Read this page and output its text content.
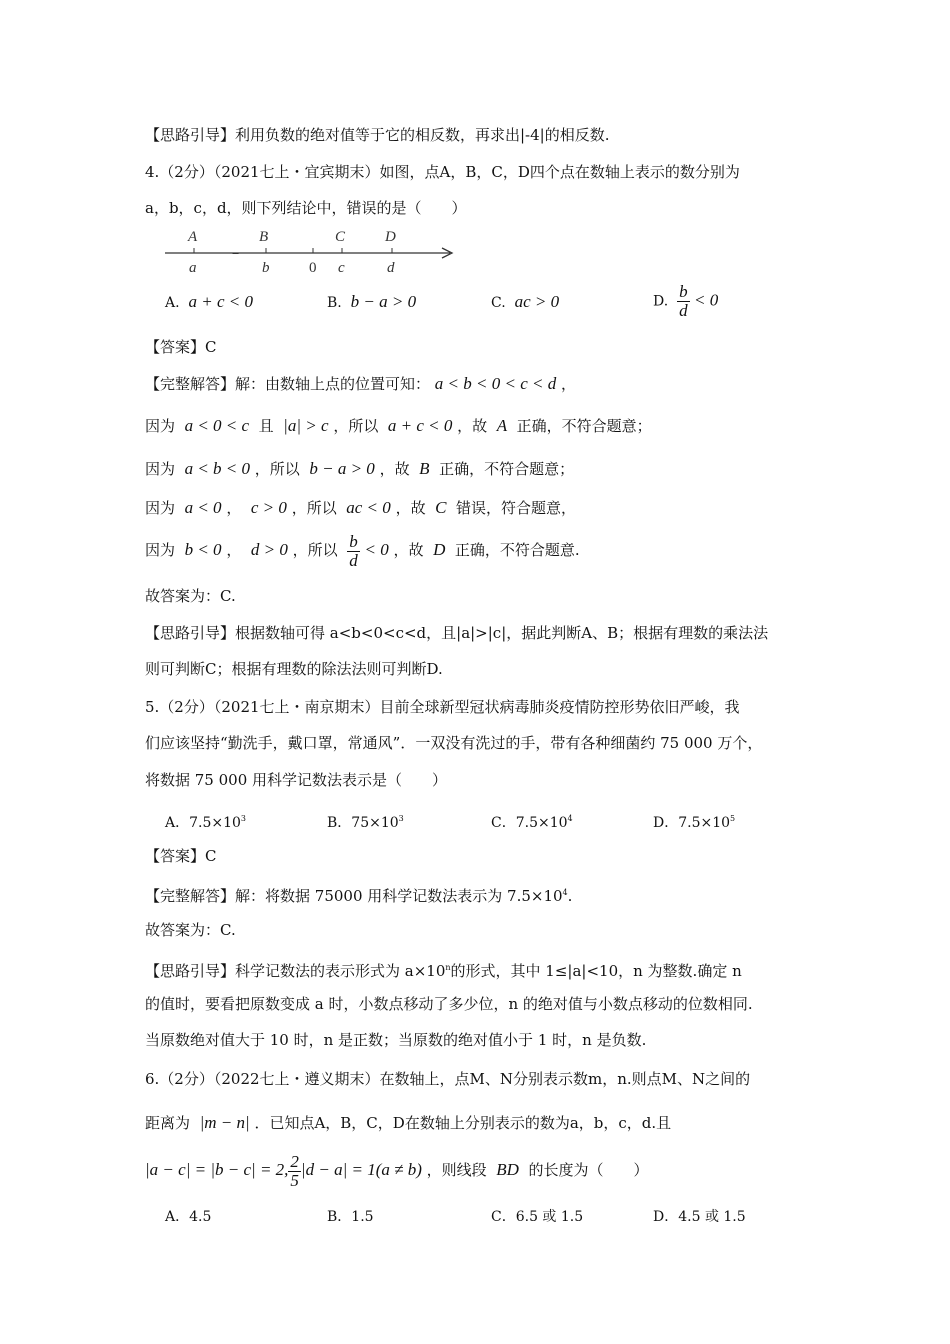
【思路引导】利用负数的绝对值等于它的相反数，再求出|-4|的相反数.
4.（2分）（2021七上・宜宾期末）如图，点A，B，C，D四个点在数轴上表示的数分别为
a，b，c，d，则下列结论中，错误的是（　　）
A
a
−
B
b	0
C
c
D
d
A. a + c < 0	B. b − a > 0	C. ac > 0	D. $\frac{b}{d} < 0$
【答案】C
【完整解答】解：由数轴上点的位置可知： a < b < 0 < c < d ，
因为 a < 0 < c 且 |a| > c ，所以 a + c < 0 ，故 A 正确，不符合题意；
因为 a < b < 0 ，所以 b − a > 0 ，故 B 正确，不符合题意；
因为 a < 0 ， c > 0 ，所以 ac < 0 ，故 C 错误，符合题意，
因为 b < 0 ， d > 0 ，所以 $\frac{b}{d} < 0$ ，故 D 正确，不符合题意.
故答案为：C.
【思路引导】根据数轴可得 a<b<0<c<d，且|a|>|c|，据此判断A、B；根据有理数的乘法法
则可判断C；根据有理数的除法法则可判断D.
5.（2分）（2021七上・南京期末）目前全球新型冠状病毒肺炎疫情防控形势依旧严峻，我
们应该坚持“勤洗手，戴口罩，常通风”．一双没有洗过的手，带有各种细菌约 75 000 万个，
将数据 75 000 用科学记数法表示是（　　）
A．$7.5\times 10^3$	B．$75\times 10^3$	C．$7.5\times 10^4$	D．$7.5\times 10^5$
【答案】C
【完整解答】解：将数据 75000 用科学记数法表示为 $7.5\times 10^4$.
故答案为：C.
【思路引导】科学记数法的表示形式为 $a\times 10^n$的形式，其中 1≤|a|<10，n 为整数.确定 n
的值时，要看把原数变成 a 时，小数点移动了多少位，n 的绝对值与小数点移动的位数相同.
当原数绝对值大于 10 时，n 是正数；当原数的绝对值小于 1 时，n 是负数.
6.（2分）（2022七上・遵义期末）在数轴上，点M、N分别表示数m，n.则点M、N之间的
距离为 |m − n| ．已知点A，B，C，D在数轴上分别表示的数为a，b，c，d.且
|a − c| = |b − c| = 2, $\frac{2}{5} |d - a| = 1(a \ne b)$ ，则线段 BD 的长度为（　　）
A．4.5	B．1.5	C．6.5 或 1.5	D．4.5 或 1.5
